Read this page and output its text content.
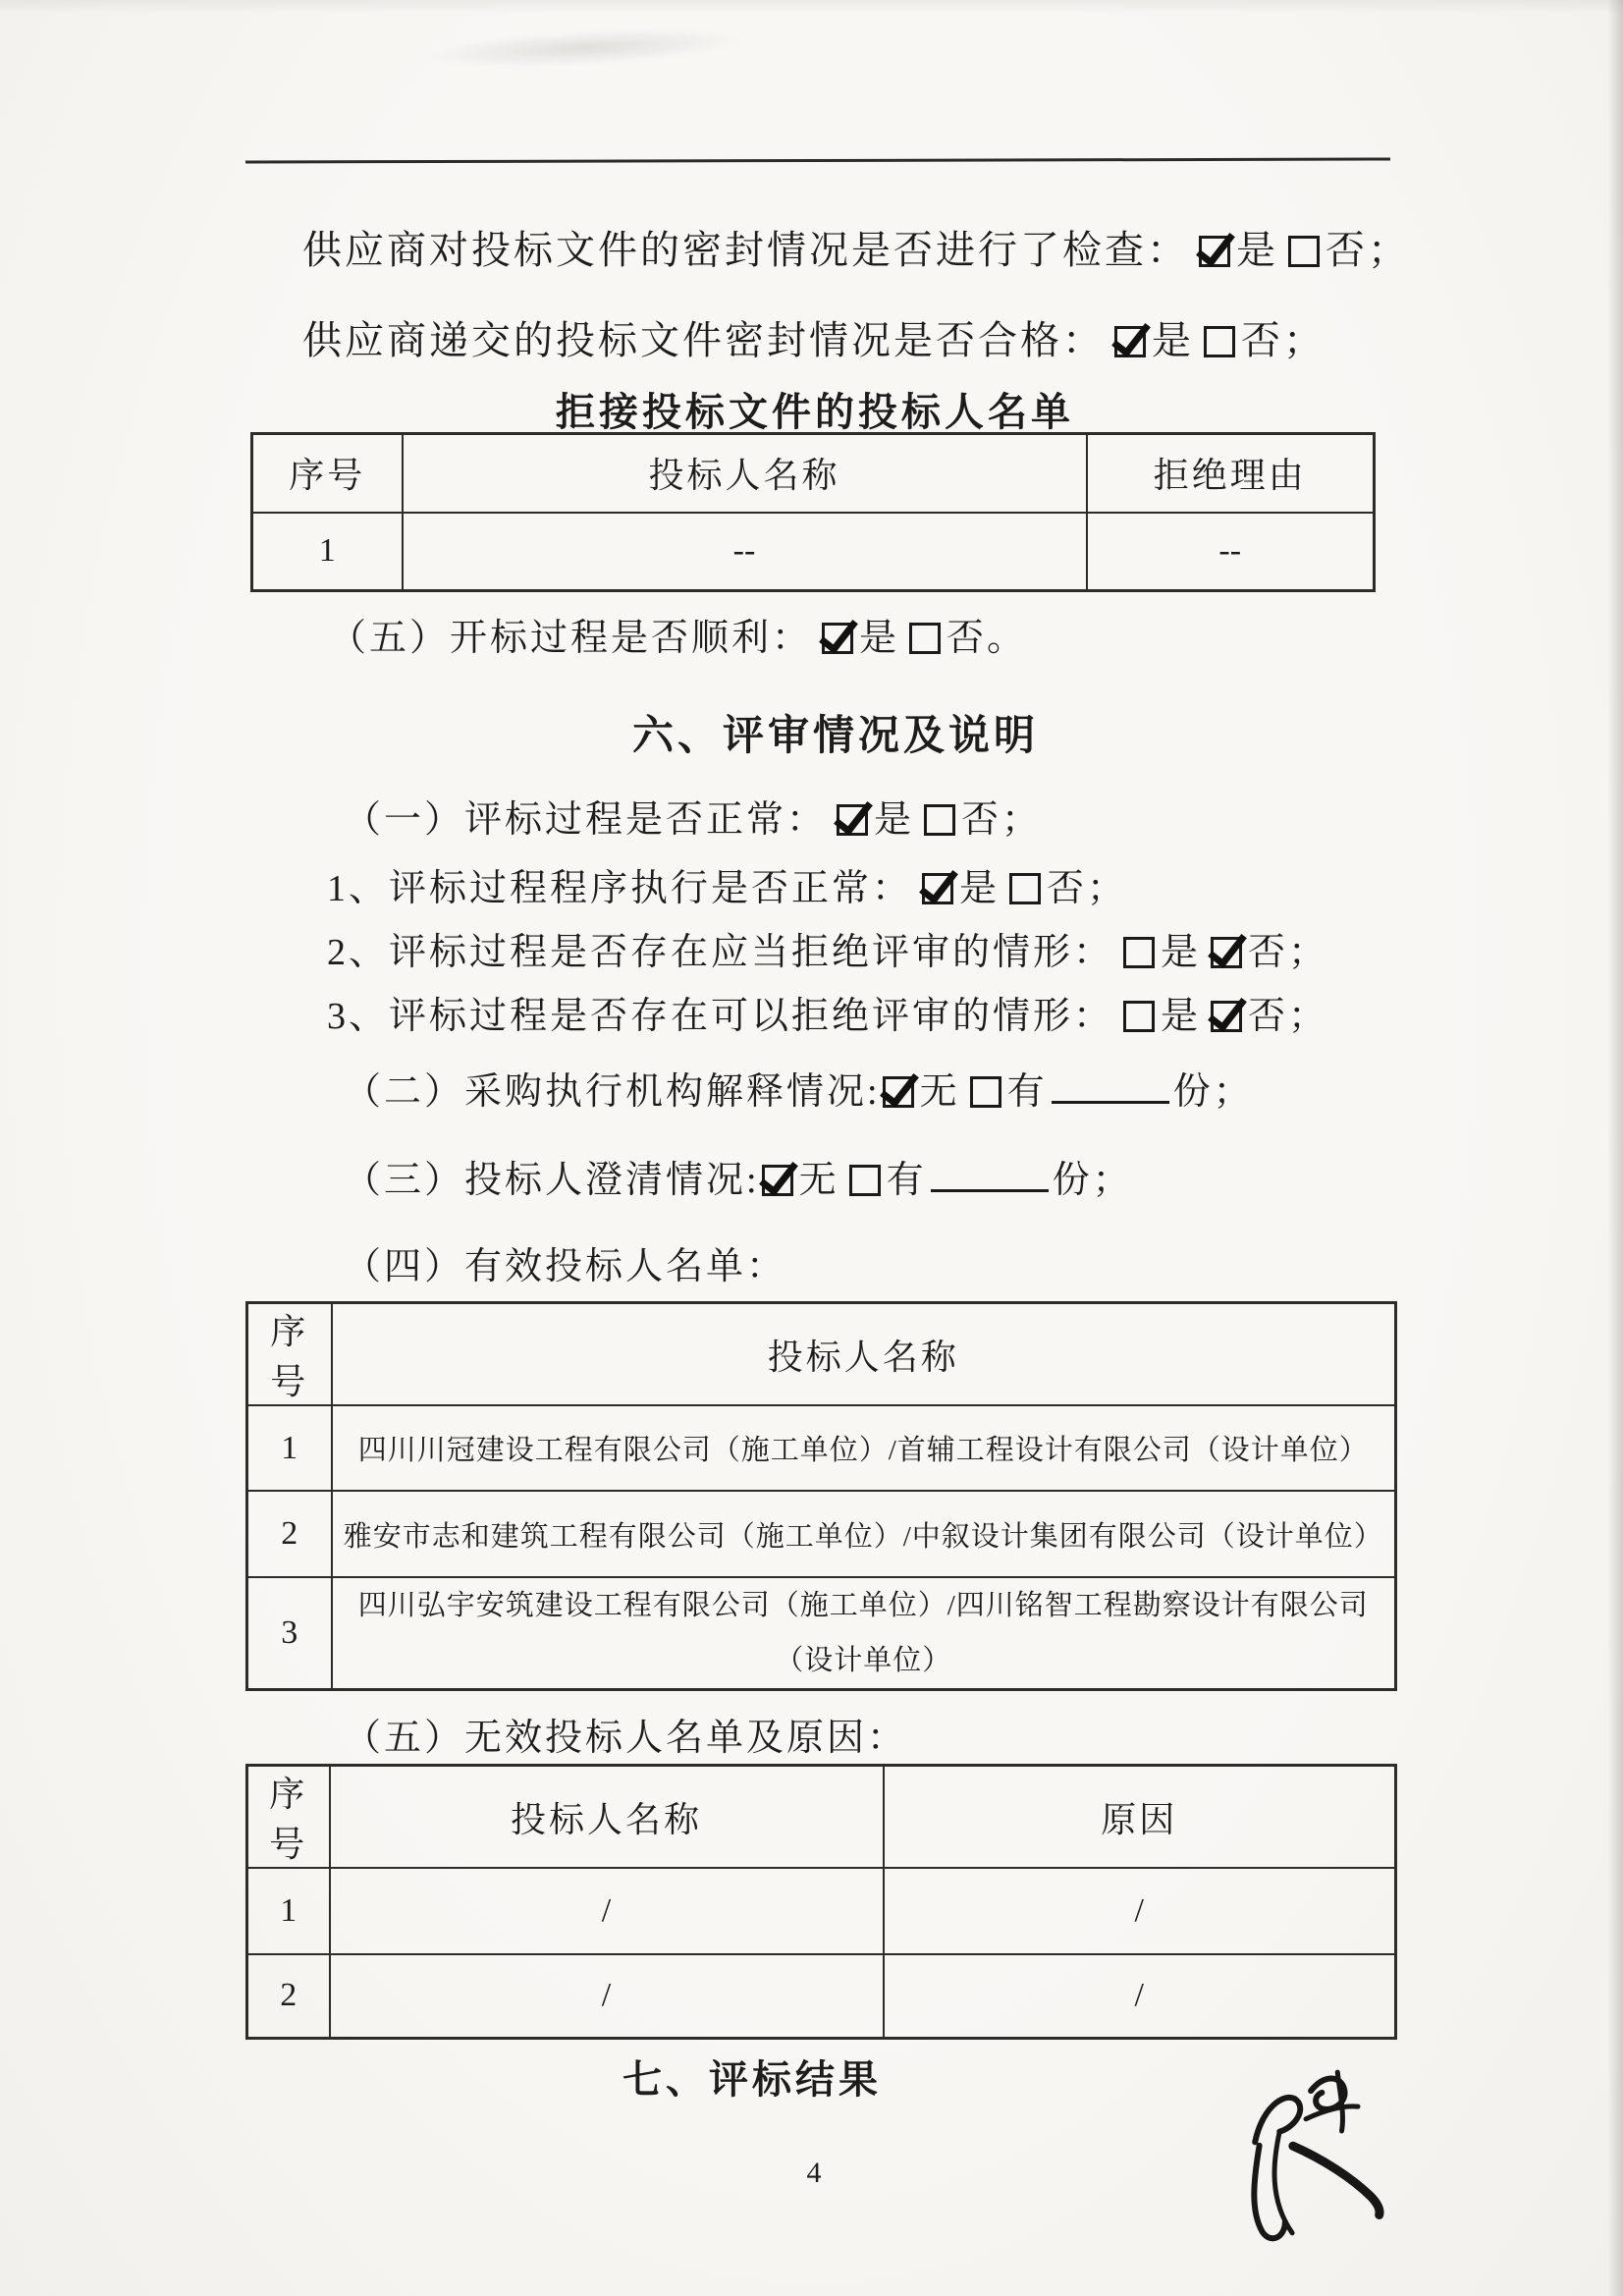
供应商对投标文件的密封情况是否进行了检查： 是 否；
供应商递交的投标文件密封情况是否合格： 是 否；
拒接投标文件的投标人名单
序号	投标人名称	拒绝理由
1	--	--
（五）开标过程是否顺利： 是 否。
六、评审情况及说明
（一）评标过程是否正常： 是 否；
1、评标过程程序执行是否正常： 是 否；
2、评标过程是否存在应当拒绝评审的情形： 是 否；
3、评标过程是否存在可以拒绝评审的情形： 是 否；
（二）采购执行机构解释情况: 无 有	份；
（三）投标人澄清情况: 无 有	份；
（四）有效投标人名单：
序号	投标人名称
1	四川川冠建设工程有限公司（施工单位）/首辅工程设计有限公司（设计单位）
2	雅安市志和建筑工程有限公司（施工单位）/中叙设计集团有限公司（设计单位）
3	四川弘宇安筑建设工程有限公司（施工单位）/四川铭智工程勘察设计有限公司（设计单位）
（五）无效投标人名单及原因：
序号	投标人名称	原因
1	/	/
2	/	/
七、评标结果
4
